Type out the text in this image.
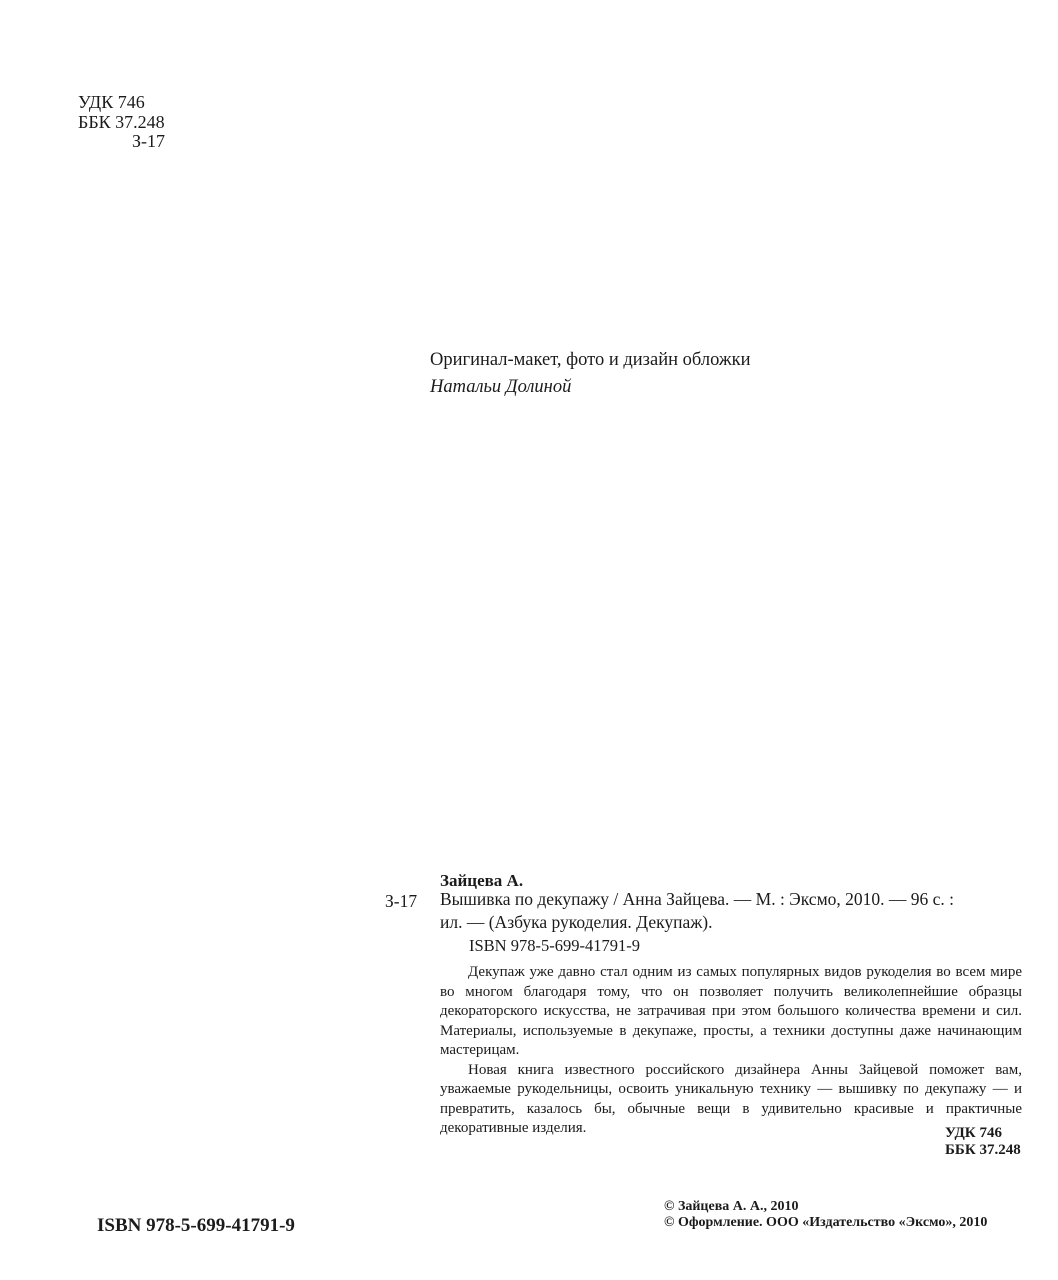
УДК 746
ББК 37.248
З-17
Оригинал-макет, фото и дизайн обложки
Натальи Долиной
Зайцева А.
З-17 Вышивка по декупажу / Анна Зайцева. — М. : Эксмо, 2010. — 96 с. :
ил. — (Азбука рукоделия. Декупаж).
ISBN 978-5-699-41791-9

Декупаж уже давно стал одним из самых популярных видов рукоделия во всем мире во многом благодаря тому, что он позволяет получить великолепнейшие образцы декораторского искусства, не затрачивая при этом большого количества времени и сил. Материалы, используемые в декупаже, просты, а техники доступны даже начинающим мастерицам.

Новая книга известного российского дизайнера Анны Зайцевой поможет вам, уважаемые рукодельницы, освоить уникальную технику — вышивку по декупажу — и превратить, казалось бы, обычные вещи в удивительно красивые и практичные декоративные изделия.	УДК 746
ББК 37.248
ISBN 978-5-699-41791-9
© Зайцева А. А., 2010
© Оформление. ООО «Издательство «Эксмо», 2010
